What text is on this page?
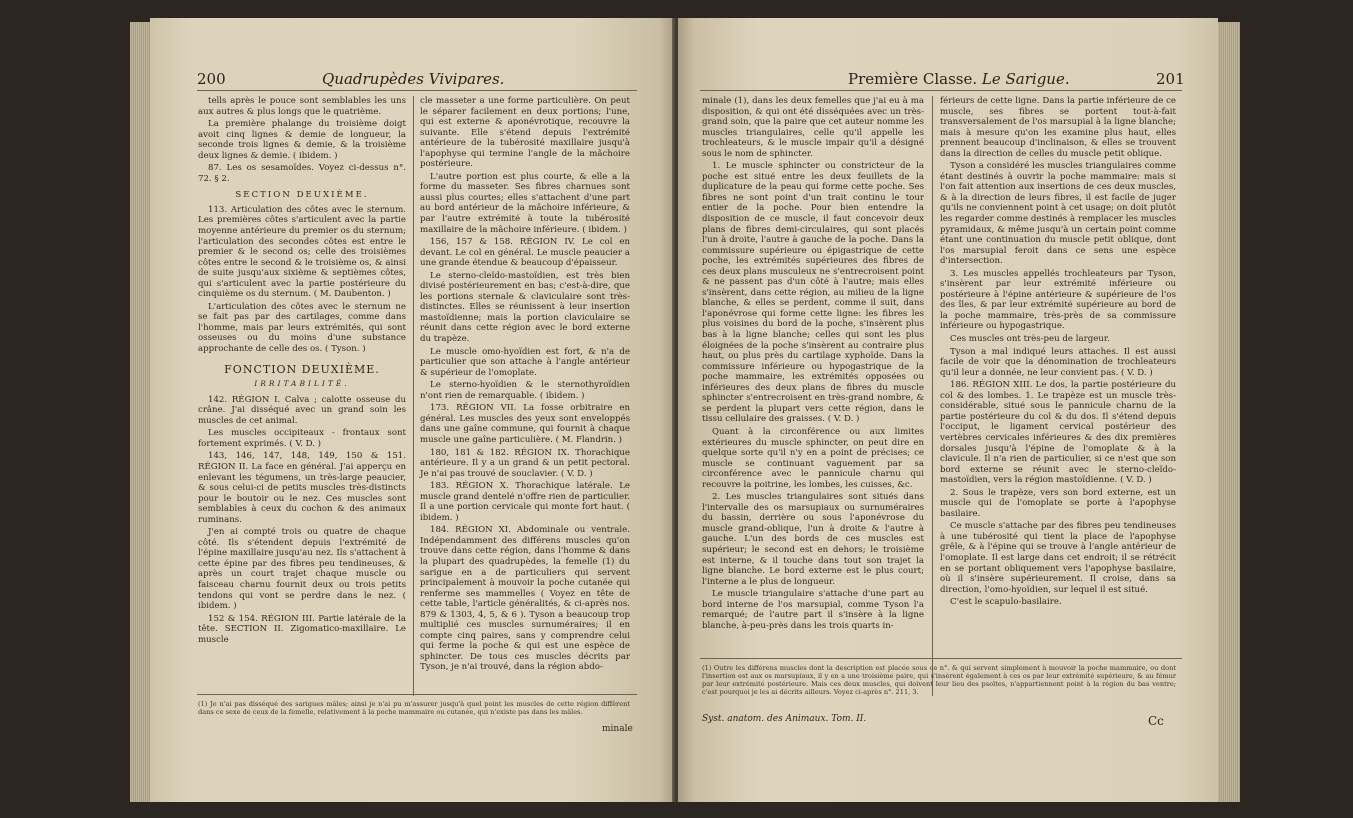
200	Quadrupèdes Vivipares.

tells après le pouce sont semblables les uns aux autres & plus longs que le quatrième.

La première phalange du troisième doigt avoit cinq lignes & demie de longueur, la seconde trois lignes & demie, & la troisième deux lignes & demie. ( ibidem. )

87. Les os sesamoïdes. Voyez ci-dessus n°. 72. § 2.

SECTION DEUXIÈME.

113. Articulation des côtes avec le sternum. Les premières côtes s'articulent avec la partie moyenne antérieure du premier os du sternum; l'articulation des secondes côtes est entre le premier & le second os; celle des troisièmes côtes entre le second & le troisième os, & ainsi de suite jusqu'aux sixième & septièmes côtes, qui s'articulent avec la partie postérieure du cinquième os du sternum. ( M. Daubenton. )

L'articulation des côtes avec le sternum ne se fait pas par des cartilages, comme dans l'homme, mais par leurs extrémités, qui sont osseuses ou du moins d'une substance approchante de celle des os. ( Tyson. )

FONCTION DEUXIÈME.

IRRITABILITÉ.

142. RÉGION I. Calva ; calotte osseuse du crâne. J'ai disséqué avec un grand soin les muscles de cet animal.

Les muscles occipiteaux - frontaux sont fortement exprimés. ( V. D. )

143, 146, 147, 148, 149, 150 & 151. RÉGION II. La face en général. J'ai apperçu en enlevant les tégumens, un très-large peaucier, & sous celui-ci de petits muscles très-distincts pour le boutoir ou le nez. Ces muscles sont semblables à ceux du cochon & des animaux ruminans.

J'en ai compté trois ou quatre de chaque côté. Ils s'étendent depuis l'extrémité de l'épine maxillaire jusqu'au nez. Ils s'attachent à cette épine par des fibres peu tendineuses, & après un court trajet chaque muscle ou faisceau charnu fournit deux ou trois petits tendons qui vont se perdre dans le nez. ( ibidem. )

152 & 154. RÉGION III. Partie latérale de la tête. SECTION II. Zigomatico-maxillaire. Le muscle

cle masseter a une forme particulière. On peut le séparer facilement en deux portions; l'une, qui est externe & aponévrotique, recouvre la suivante. Elle s'étend depuis l'extrémité antérieure de la tubérosité maxillaire jusqu'à l'apophyse qui termine l'angle de la mâchoire postérieure.

L'autre portion est plus courte, & elle a la forme du masseter. Ses fibres charnues sont aussi plus courtes; elles s'attachent d'une part au bord antérieur de la mâchoire inférieure, & par l'autre extrémité à toute la tubérosité maxillaire de la mâchoire inférieure. ( ibidem. )

156, 157 & 158. RÉGION IV. Le col en devant. Le col en général. Le muscle peaucier a une grande étendue & beaucoup d'épaisseur.

Le sterno-cleïdo-mastoïdien, est très bien divisé postérieurement en bas; c'est-à-dire, que les portions sternale & claviculaire sont très-distinctes. Elles se réunissent à leur insertion mastoïdienne; mais la portion claviculaire se réunit dans cette région avec le bord externe du trapèze.

Le muscle omo-hyoïdien est fort, & n'a de particulier que son attache à l'angle antérieur & supérieur de l'omoplate.

Le sterno-hyoïdien & le sternothyroïdien n'ont rien de remarquable. ( ibidem. )

173. RÉGION VII. La fosse orbitraire en général. Les muscles des yeux sont enveloppés dans une gaîne commune, qui fournit à chaque muscle une gaîne particulière. ( M. Flandrin. )

180, 181 & 182. RÉGION IX. Thorachique antérieure. Il y a un grand & un petit pectoral. Je n'ai pas trouvé de souclavier. ( V. D. )

183. RÉGION X. Thorachique latérale. Le muscle grand dentelé n'offre rien de particulier. Il a une portion cervicale qui monte fort haut. ( ibidem. )

184. RÉGION XI. Abdominale ou ventrale. Indépendamment des différens muscles qu'on trouve dans cette région, dans l'homme & dans la plupart des quadrupèdes, la femelle (1) du sarigue en a de particuliers qui servent principalement à mouvoir la poche cutanée qui renferme ses mammelles ( Voyez en tête de cette table, l'article généralités, & ci-après nos. 879 & 1303, 4, 5, & 6 ). Tyson a beaucoup trop multiplié ces muscles surnuméraires; il en compte cinq paires, sans y comprendre celui qui ferme la poche & qui est une espèce de sphincter. De tous ces muscles décrits par Tyson, je n'ai trouvé, dans la région abdo-

(1) Je n'ai pas disséqué des sarigues mâles; ainsi je n'ai pu m'assurer jusqu'à quel point les muscles de cette région diffèrent dans ce sexe de ceux de la femelle, relativement à la poche mammaire ou cutanée, qui n'existe pas dans les mâles.
minale
Première Classe. Le Sarigue.	201

minale (1), dans les deux femelles que j'ai eu à ma disposition, & qui ont été disséquées avec un très-grand soin, que la paire que cet auteur nomme les muscles triangulaires, celle qu'il appelle les trochleateurs, & le muscle impair qu'il a désigné sous le nom de sphincter.

1. Le muscle sphincter ou constricteur de la poche est situé entre les deux feuillets de la duplicature de la peau qui forme cette poche. Ses fibres ne sont point d'un trait continu le tour entier de la poche. Pour bien entendre la disposition de ce muscle, il faut concevoir deux plans de fibres demi-circulaires, qui sont placés l'un à droite, l'autre à gauche de la poche. Dans la commissure supérieure ou épigastrique de cette poche, les extrémités supérieures des fibres de ces deux plans musculeux ne s'entrecroisent point & ne passent pas d'un côté à l'autre; mais elles s'insèrent, dans cette région, au milieu de la ligne blanche, & elles se perdent, comme il suit, dans l'aponévrose qui forme cette ligne: les fibres les plus voisines du bord de la poche, s'insèrent plus bas à la ligne blanche; celles qui sont les plus éloignées de la poche s'insèrent au contraire plus haut, ou plus près du cartilage xyphoïde. Dans la commissure inférieure ou hypogastrique de la poche mammaire, les extrémités opposées ou inférieures des deux plans de fibres du muscle sphincter s'entrecroisent en très-grand nombre, & se perdent la plupart vers cette région, dans le tissu cellulaire des graisses. ( V. D. )

Quant à la circonférence ou aux limites extérieures du muscle sphincter, on peut dire en quelque sorte qu'il n'y en a point de précises; ce muscle se continuant vaguement par sa circonférence avec le pannicule charnu qui recouvre la poitrine, les lombes, les cuisses, &c.

2. Les muscles triangulaires sont situés dans l'intervalle des os marsupiaux ou surnuméraires du bassin, derrière ou sous l'aponévrose du muscle grand-oblique, l'un à droite & l'autre à gauche. L'un des bords de ces muscles est supérieur; le second est en dehors; le troisième est interne, & il touche dans tout son trajet la ligne blanche. Le bord externe est le plus court; l'interne a le plus de longueur.

Le muscle triangulaire s'attache d'une part au bord interne de l'os marsupial, comme Tyson l'a remarqué; de l'autre part il s'insère à la ligne blanche, à-peu-près dans les trois quarts in-

férieurs de cette ligne. Dans la partie inférieure de ce muscle, ses fibres se portent tout-à-fait transversalement de l'os marsupial à la ligne blanche; mais à mesure qu'on les examine plus haut, elles prennent beaucoup d'inclinaison, & elles se trouvent dans la direction de celles du muscle petit oblique.

Tyson a considéré les muscles triangulaires comme étant destinés à ouvrir la poche mammaire: mais si l'on fait attention aux insertions de ces deux muscles, & à la direction de leurs fibres, il est facile de juger qu'ils ne conviennent point à cet usage; on doit plutôt les regarder comme destinés à remplacer les muscles pyramidaux, & même jusqu'à un certain point comme étant une continuation du muscle petit oblique, dont l'os marsupial feroit dans ce sens une espèce d'intersection.

3. Les muscles appellés trochleateurs par Tyson, s'insèrent par leur extrémité inférieure ou postérieure à l'épine antérieure & supérieure de l'os des îles, & par leur extrémité supérieure au bord de la poche mammaire, très-près de sa commissure inférieure ou hypogastrique.

Ces muscles ont très-peu de largeur.

Tyson a mal indiqué leurs attaches. Il est aussi facile de voir que la dénomination de trochleateurs qu'il leur a donnée, ne leur convient pas. ( V. D. )

186. RÉGION XIII. Le dos, la partie postérieure du col & des lombes. 1. Le trapèze est un muscle très-considérable, situé sous le pannicule charnu de la partie postérieure du col & du dos. Il s'étend depuis l'occiput, le ligament cervical postérieur des vertèbres cervicales inférieures & des dix premières dorsales jusqu'à l'épine de l'omoplate & à la clavicule. Il n'a rien de particulier, si ce n'est que son bord externe se réunit avec le sterno-cleïdo-mastoïdien, vers la région mastoïdienne. ( V. D. )

2. Sous le trapèze, vers son bord externe, est un muscle qui de l'omoplate se porte à l'apophyse basilaire.

Ce muscle s'attache par des fibres peu tendineuses à une tubérosité qui tient la place de l'apophyse grêle, & à l'épine qui se trouve à l'angle antérieur de l'omoplate. Il est large dans cet endroit; il se rétrécit en se portant obliquement vers l'apophyse basilaire, où il s'insère supérieurement. Il croise, dans sa direction, l'omo-hyoïdien, sur lequel il est situé.

C'est le scapulo-basilaire.

(1) Outre les différens muscles dont la description est placée sous ce n°. & qui servent simplement à mouvoir la poche mammaire, ou dont l'insertion est aux os marsupiaux, il y en a une troisième paire, qui s'insèrent également à ces os par leur extrémité supérieure, & au fémur par leur extrémité postérieure. Mais ces deux muscles, qui doivent leur lieu des psoïtes, n'appartiennent point à la région du bas ventre; c'est pourquoi je les ai décrits ailleurs. Voyez ci-après n°. 211, 3.
Syst. anatom. des Animaux. Tom. II.	Cc
